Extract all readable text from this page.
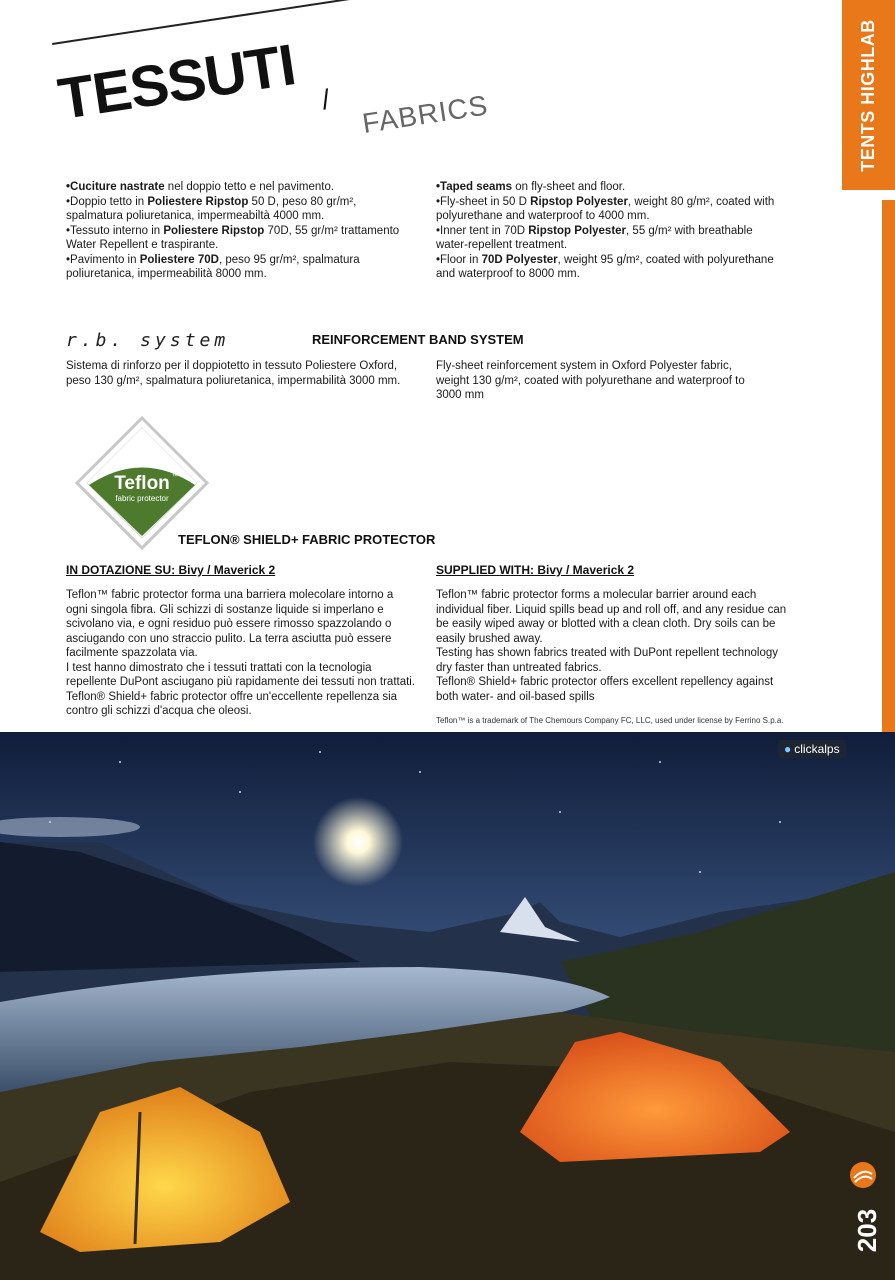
TESSUTI / FABRICS	TENTS HIGHLAB

•Cuciture nastrate nel doppio tetto e nel pavimento.

•Doppio tetto in Poliestere Ripstop 50 D, peso 80 gr/m², spalmatura poliuretanica, impermeabiltà 4000 mm.

•Tessuto interno in Poliestere Ripstop 70D, 55 gr/m² trattamento Water Repellent e traspirante.

•Pavimento in Poliestere 70D, peso 95 gr/m², spalmatura poliuretanica, impermeabilità 8000 mm.

•Taped seams on fly-sheet and floor.

•Fly-sheet in 50 D Ripstop Polyester, weight 80 g/m², coated with polyurethane and waterproof to 4000 mm.

•Inner tent in 70D Ripstop Polyester, 55 g/m² with breathable water-repellent treatment.

•Floor in 70D Polyester, weight 95 g/m², coated with polyurethane and waterproof to 8000 mm.

r.b. system	REINFORCEMENT BAND SYSTEM
Sistema di rinforzo per il doppiotetto in tessuto Poliestere Oxford, peso 130 g/m², spalmatura poliuretanica, impermabilità 3000 mm.
Fly-sheet reinforcement system in Oxford Polyester fabric, weight 130 g/m², coated with polyurethane and waterproof to 3000 mm
Teflon ™
fabric protector
TEFLON® SHIELD+ FABRIC PROTECTOR
IN DOTAZIONE SU: Bivy / Maverick 2	SUPPLIED WITH: Bivy / Maverick 2

Teflon™ fabric protector forma una barriera molecolare intorno a ogni singola fibra. Gli schizzi di sostanze liquide si imperlano e scivolano via, e ogni residuo può essere rimosso spazzolando o asciugando con uno straccio pulito. La terra asciutta può essere facilmente spazzolata via.

I test hanno dimostrato che i tessuti trattati con la tecnologia repellente DuPont asciugano più rapidamente dei tessuti non trattati.

Teflon® Shield+ fabric protector offre un'eccellente repellenza sia contro gli schizzi d'acqua che oleosi.

Teflon™ fabric protector forms a molecular barrier around each individual fiber. Liquid spills bead up and roll off, and any residue can be easily wiped away or blotted with a clean cloth. Dry soils can be easily brushed away.

Testing has shown fabrics treated with DuPont repellent technology dry faster than untreated fabrics.

Teflon® Shield+ fabric protector offers excellent repellency against both water- and oil-based spills

Teflon™ is a trademark of The Chemours Company FC, LLC, used under license by Ferrino S.p.a.
● clickalps
203
